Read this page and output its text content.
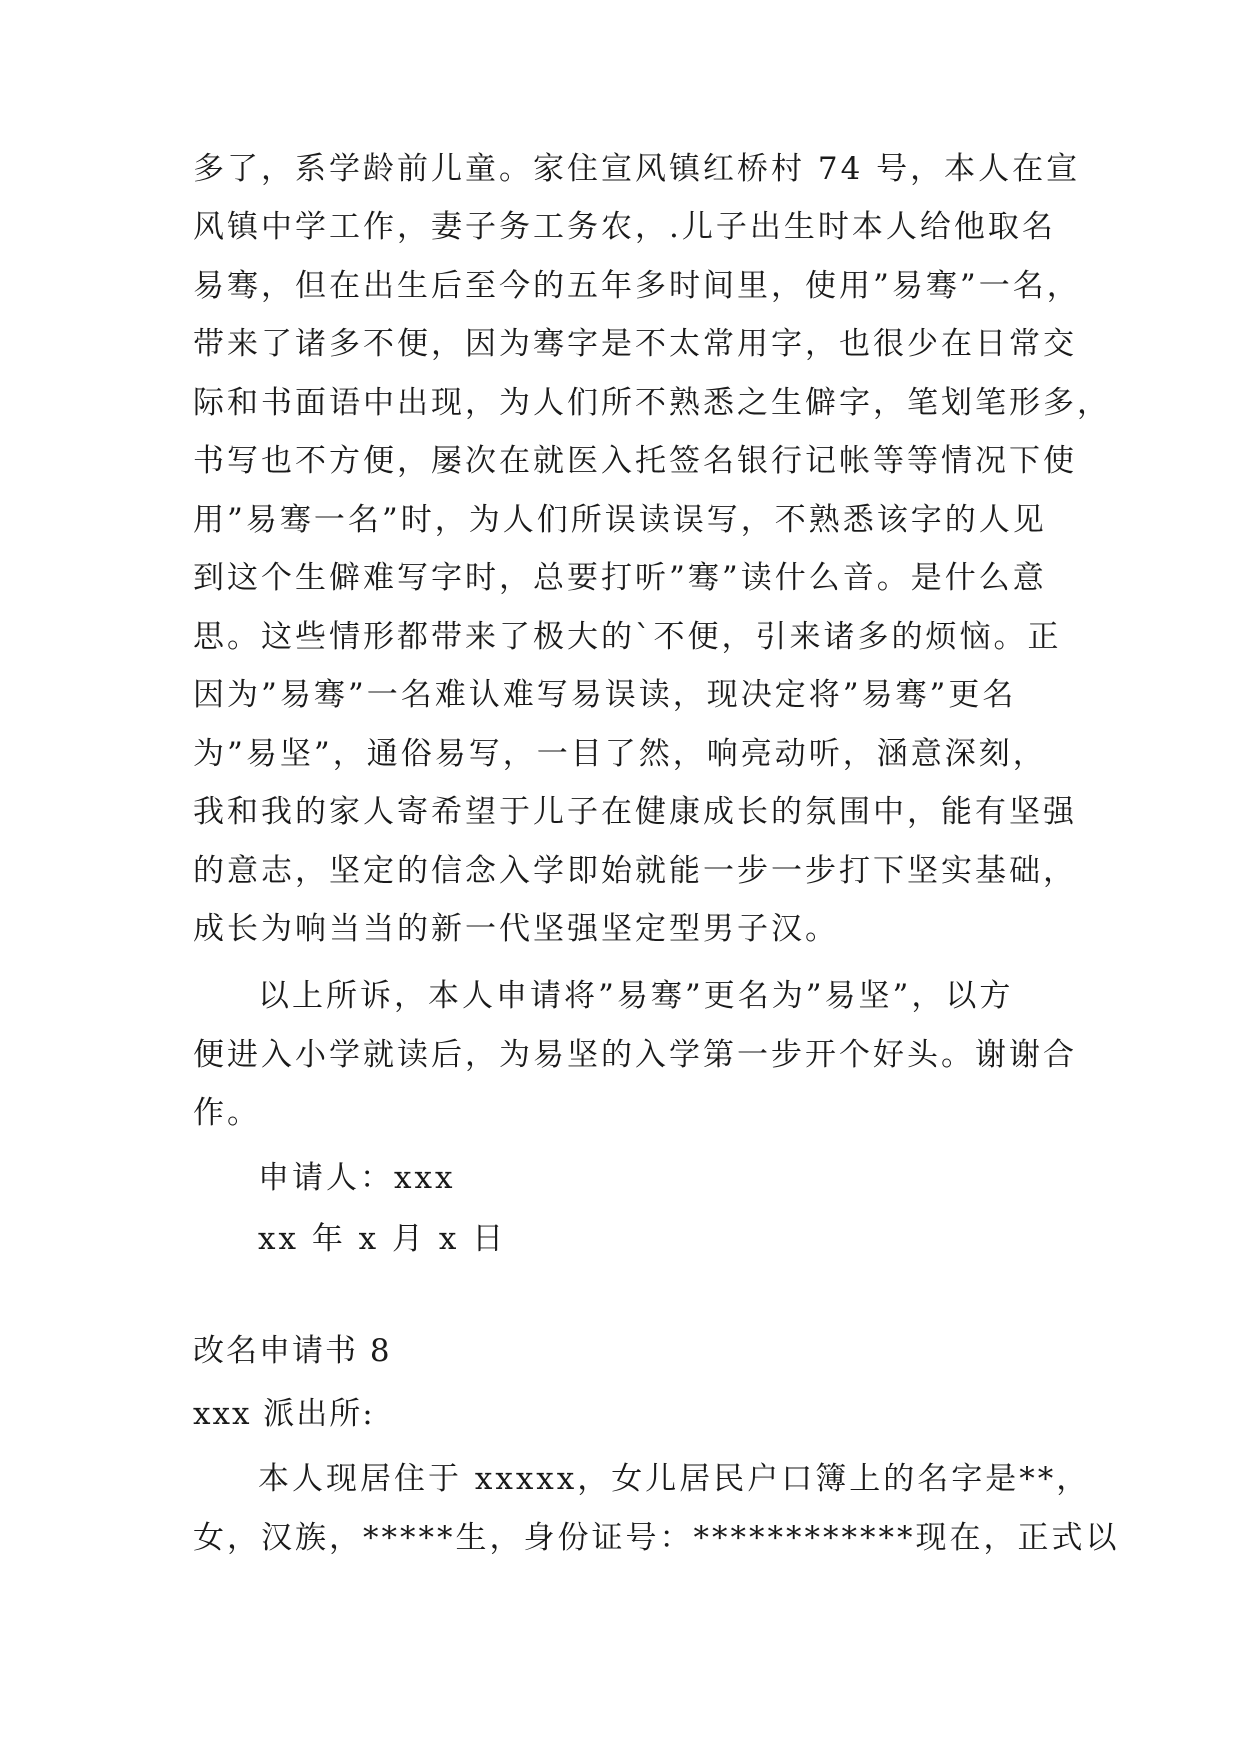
多了，系学龄前儿童。家住宣风镇红桥村 74 号，本人在宣
风镇中学工作，妻子务工务农，.儿子出生时本人给他取名
易骞，但在出生后至今的五年多时间里，使用”易骞”一名，
带来了诸多不便，因为骞字是不太常用字，也很少在日常交
际和书面语中出现，为人们所不熟悉之生僻字，笔划笔形多，
书写也不方便，屡次在就医入托签名银行记帐等等情况下使
用”易骞一名”时，为人们所误读误写，不熟悉该字的人见
到这个生僻难写字时，总要打听”骞”读什么音。是什么意
思。这些情形都带来了极大的`不便，引来诸多的烦恼。正
因为”易骞”一名难认难写易误读，现决定将”易骞”更名
为”易坚”，通俗易写，一目了然，响亮动听，涵意深刻，
我和我的家人寄希望于儿子在健康成长的氛围中，能有坚强
的意志，坚定的信念入学即始就能一步一步打下坚实基础，
成长为响当当的新一代坚强坚定型男子汉。
以上所诉，本人申请将”易骞”更名为”易坚”，以方
便进入小学就读后，为易坚的入学第一步开个好头。谢谢合
作。
申请人：xxx
xx 年 x 月 x 日
改名申请书 8
xxx 派出所:
本人现居住于 xxxxx，女儿居民户口簿上的名字是**，
女，汉族，*****生，身份证号：************现在，正式以
